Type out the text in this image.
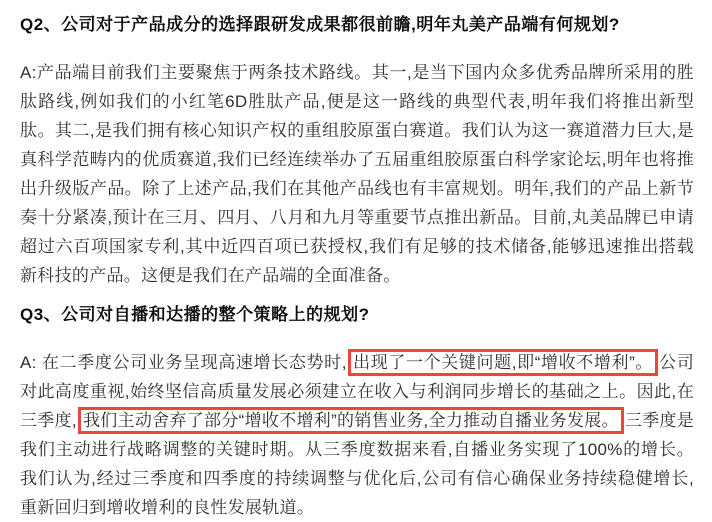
Q2、公司对于产品成分的选择跟研发成果都很前瞻,明年丸美产品端有何规划?
A:产品端目前我们主要聚焦于两条技术路线。其一,是当下国内众多优秀品牌所采用的胜
肽路线,例如我们的小红笔6D胜肽产品,便是这一路线的典型代表,明年我们将推出新型
肽。其二,是我们拥有核心知识产权的重组胶原蛋白赛道。我们认为这一赛道潜力巨大,是
真科学范畴内的优质赛道,我们已经连续举办了五届重组胶原蛋白科学家论坛,明年也将推
出升级版产品。除了上述产品,我们在其他产品线也有丰富规划。明年,我们的产品上新节
奏十分紧凑,预计在三月、四月、八月和九月等重要节点推出新品。目前,丸美品牌已申请
超过六百项国家专利,其中近四百项已获授权,我们有足够的技术储备,能够迅速推出搭载
新科技的产品。这便是我们在产品端的全面准备。
Q3、公司对自播和达播的整个策略上的规划?
A: 在二季度公司业务呈现高速增长态势时, 出现了一个关键问题,即“增收不增利”。 公司
对此高度重视,始终坚信高质量发展必须建立在收入与利润同步增长的基础之上。因此,在
三季度, 我们主动舍弃了部分“增收不增利”的销售业务,全力推动自播业务发展。 三季度是
我们主动进行战略调整的关键时期。从三季度数据来看,自播业务实现了100%的增长。
我们认为,经过三季度和四季度的持续调整与优化后,公司有信心确保业务持续稳健增长,
重新回归到增收增利的良性发展轨道。
